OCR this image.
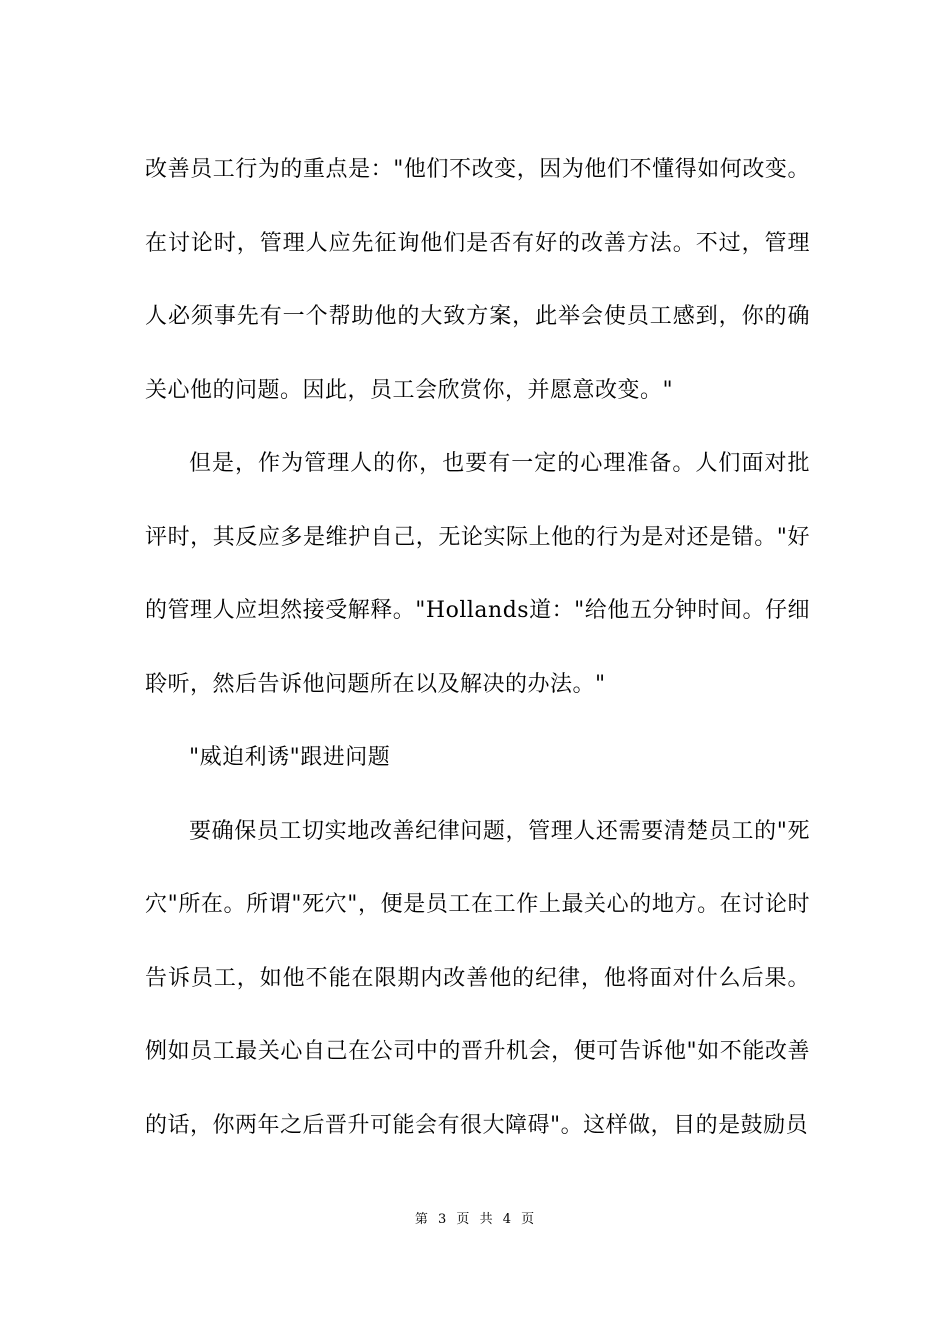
改善员工行为的重点是："他们不改变，因为他们不懂得如何改变。在讨论时，管理人应先征询他们是否有好的改善方法。不过，管理人必须事先有一个帮助他的大致方案，此举会使员工感到，你的确关心他的问题。因此，员工会欣赏你，并愿意改变。"

但是，作为管理人的你，也要有一定的心理准备。人们面对批评时，其反应多是维护自己，无论实际上他的行为是对还是错。"好的管理人应坦然接受解释。"Hollands道："给他五分钟时间。仔细聆听，然后告诉他问题所在以及解决的办法。"

"威迫利诱"跟进问题

要确保员工切实地改善纪律问题，管理人还需要清楚员工的"死穴"所在。所谓"死穴"，便是员工在工作上最关心的地方。在讨论时告诉员工，如他不能在限期内改善他的纪律，他将面对什么后果。例如员工最关心自己在公司中的晋升机会，便可告诉他"如不能改善的话，你两年之后晋升可能会有很大障碍"。这样做，目的是鼓励员

第 3 页 共 4 页
